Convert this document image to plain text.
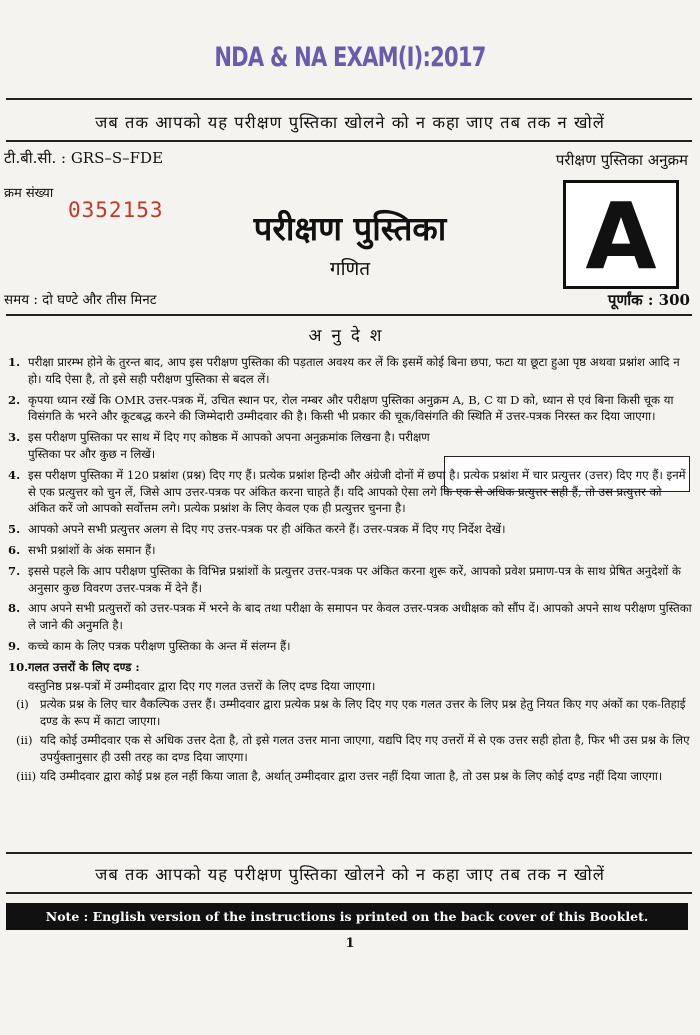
NDA & NA EXAM(I):2017
जब तक आपको यह परीक्षण पुस्तिका खोलने को न कहा जाए तब तक न खोलें
टी.बी.सी. : GRS–S–FDE	परीक्षण पुस्तिका अनुक्रम
क्रम संख्या
0352153	परीक्षण पुस्तिका
गणित	A
समय : दो घण्टे और तीस मिनट	पूर्णांक : 300
अनुदेश
1. परीक्षा प्रारम्भ होने के तुरन्त बाद, आप इस परीक्षण पुस्तिका की पड़ताल अवश्य कर लें कि इसमें कोई बिना छपा, फटा या छूटा हुआ पृष्ठ अथवा प्रश्नांश आदि न हो। यदि ऐसा है, तो इसे सही परीक्षण पुस्तिका से बदल लें।
2. कृपया ध्यान रखें कि OMR उत्तर-पत्रक में, उचित स्थान पर, रोल नम्बर और परीक्षण पुस्तिका अनुक्रम A, B, C या D को, ध्यान से एवं बिना किसी चूक या विसंगति के भरने और कूटबद्ध करने की जिम्मेदारी उम्मीदवार की है। किसी भी प्रकार की चूक/विसंगति की स्थिति में उत्तर-पत्रक निरस्त कर दिया जाएगा।
3. इस परीक्षण पुस्तिका पर साथ में दिए गए कोष्ठक में आपको अपना अनुक्रमांक लिखना है। परीक्षण पुस्तिका पर और कुछ न लिखें।
4. इस परीक्षण पुस्तिका में 120 प्रश्नांश (प्रश्न) दिए गए हैं। प्रत्येक प्रश्नांश हिन्दी और अंग्रेजी दोनों में छपा है। प्रत्येक प्रश्नांश में चार प्रत्युत्तर (उत्तर) दिए गए हैं। इनमें से एक प्रत्युत्तर को चुन लें, जिसे आप उत्तर-पत्रक पर अंकित करना चाहते हैं। यदि आपको ऐसा लगे कि एक से अधिक प्रत्युत्तर सही हैं, तो उस प्रत्युत्तर को अंकित करें जो आपको सर्वोत्तम लगे। प्रत्येक प्रश्नांश के लिए केवल एक ही प्रत्युत्तर चुनना है।
5. आपको अपने सभी प्रत्युत्तर अलग से दिए गए उत्तर-पत्रक पर ही अंकित करने हैं। उत्तर-पत्रक में दिए गए निर्देश देखें।
6. सभी प्रश्नांशों के अंक समान हैं।
7. इससे पहले कि आप परीक्षण पुस्तिका के विभिन्न प्रश्नांशों के प्रत्युत्तर उत्तर-पत्रक पर अंकित करना शुरू करें, आपको प्रवेश प्रमाण-पत्र के साथ प्रेषित अनुदेशों के अनुसार कुछ विवरण उत्तर-पत्रक में देने हैं।
8. आप अपने सभी प्रत्युत्तरों को उत्तर-पत्रक में भरने के बाद तथा परीक्षा के समापन पर केवल उत्तर-पत्रक अधीक्षक को सौंप दें। आपको अपने साथ परीक्षण पुस्तिका ले जाने की अनुमति है।
9. कच्चे काम के लिए पत्रक परीक्षण पुस्तिका के अन्त में संलग्न हैं।
10. गलत उत्तरों के लिए दण्ड :
वस्तुनिष्ठ प्रश्न-पत्रों में उम्मीदवार द्वारा दिए गए गलत उत्तरों के लिए दण्ड दिया जाएगा।
(i) प्रत्येक प्रश्न के लिए चार वैकल्पिक उत्तर हैं। उम्मीदवार द्वारा प्रत्येक प्रश्न के लिए दिए गए एक गलत उत्तर के लिए प्रश्न हेतु नियत किए गए अंकों का एक-तिहाई दण्ड के रूप में काटा जाएगा।
(ii) यदि कोई उम्मीदवार एक से अधिक उत्तर देता है, तो इसे गलत उत्तर माना जाएगा, यद्यपि दिए गए उत्तरों में से एक उत्तर सही होता है, फिर भी उस प्रश्न के लिए उपर्युक्तानुसार ही उसी तरह का दण्ड दिया जाएगा।
(iii) यदि उम्मीदवार द्वारा कोई प्रश्न हल नहीं किया जाता है, अर्थात् उम्मीदवार द्वारा उत्तर नहीं दिया जाता है, तो उस प्रश्न के लिए कोई दण्ड नहीं दिया जाएगा।
जब तक आपको यह परीक्षण पुस्तिका खोलने को न कहा जाए तब तक न खोलें
Note : English version of the instructions is printed on the back cover of this Booklet.
1
